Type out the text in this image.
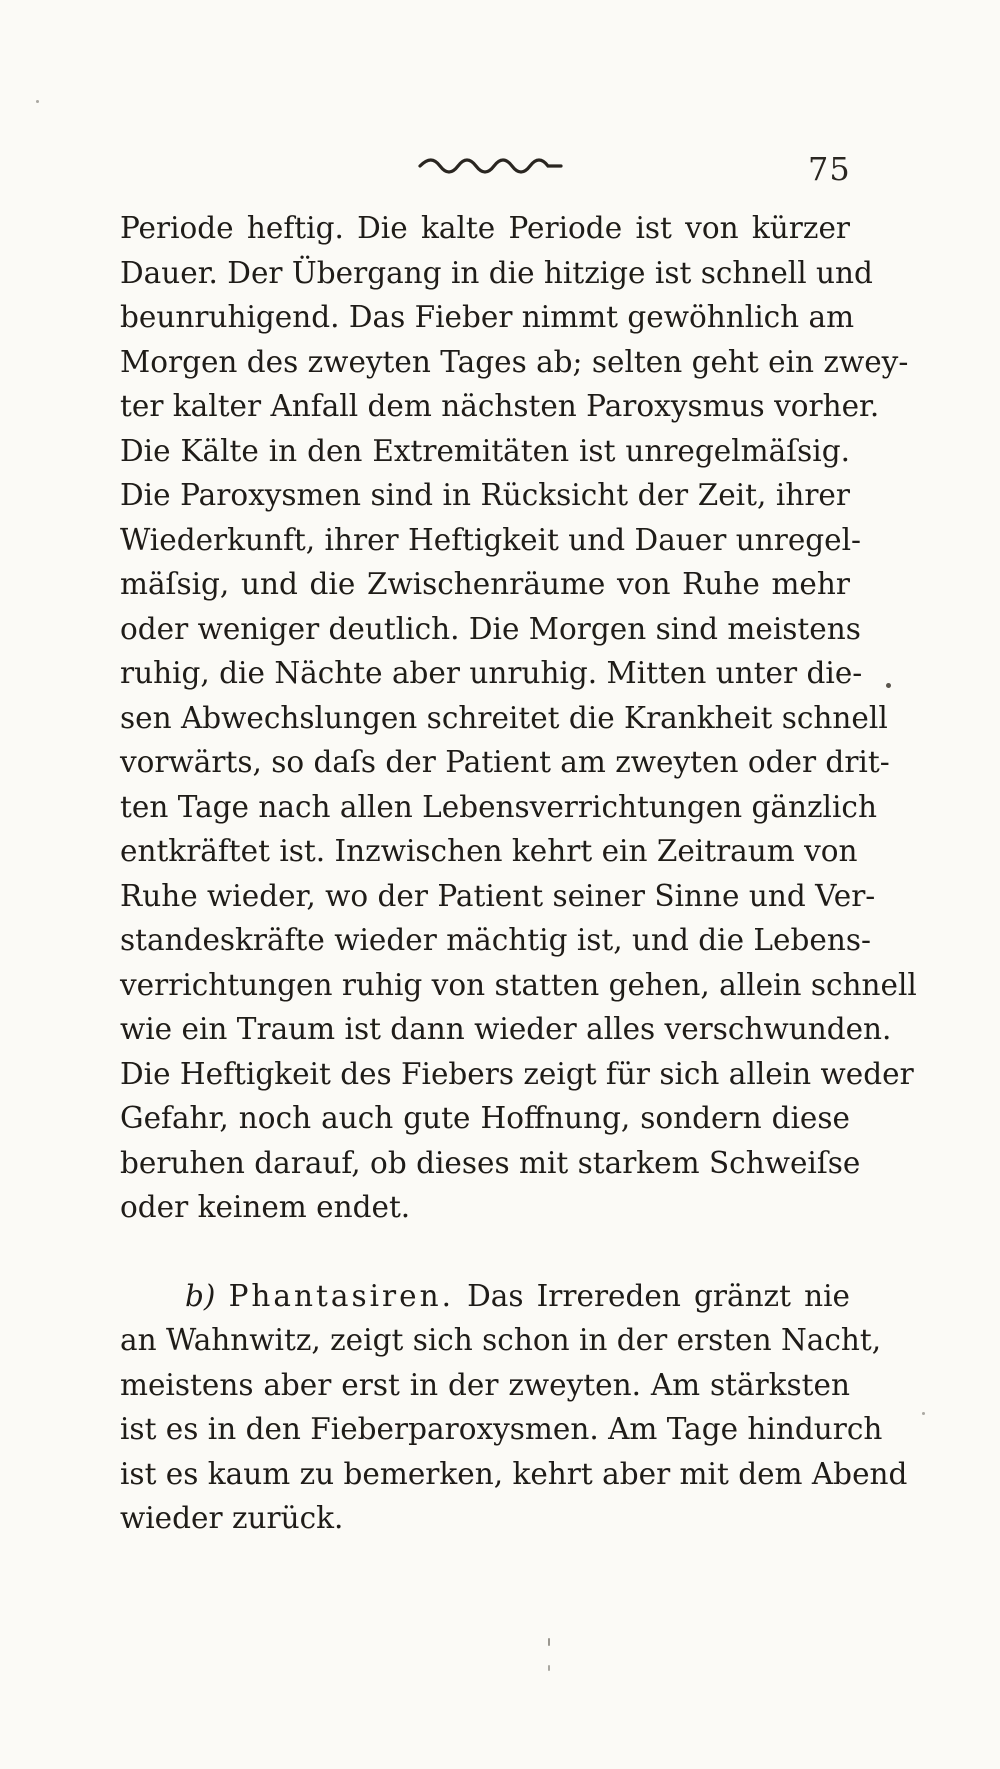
75
Periode heftig. Die kalte Periode ist von kürzer
Dauer. Der Übergang in die hitzige ist schnell und
beunruhigend. Das Fieber nimmt gewöhnlich am
Morgen des zweyten Tages ab; selten geht ein zwey-
ter kalter Anfall dem nächsten Paroxysmus vorher.
Die Kälte in den Extremitäten ist unregelmäſsig.
Die Paroxysmen sind in Rücksicht der Zeit, ihrer
Wiederkunft, ihrer Heftigkeit und Dauer unregel-
mäſsig, und die Zwischenräume von Ruhe mehr
oder weniger deutlich. Die Morgen sind meistens
ruhig, die Nächte aber unruhig. Mitten unter die-
sen Abwechslungen schreitet die Krankheit schnell
vorwärts, so daſs der Patient am zweyten oder drit-
ten Tage nach allen Lebensverrichtungen gänzlich
entkräftet ist. Inzwischen kehrt ein Zeitraum von
Ruhe wieder, wo der Patient seiner Sinne und Ver-
standeskräfte wieder mächtig ist, und die Lebens-
verrichtungen ruhig von statten gehen, allein schnell
wie ein Traum ist dann wieder alles verschwunden.
Die Heftigkeit des Fiebers zeigt für sich allein weder
Gefahr, noch auch gute Hoffnung, sondern diese
beruhen darauf, ob dieses mit starkem Schweiſse
oder keinem endet.
b) Phantasiren. Das Irrereden gränzt nie
an Wahnwitz, zeigt sich schon in der ersten Nacht,
meistens aber erst in der zweyten. Am stärksten
ist es in den Fieberparoxysmen. Am Tage hindurch
ist es kaum zu bemerken, kehrt aber mit dem Abend
wieder zurück.
